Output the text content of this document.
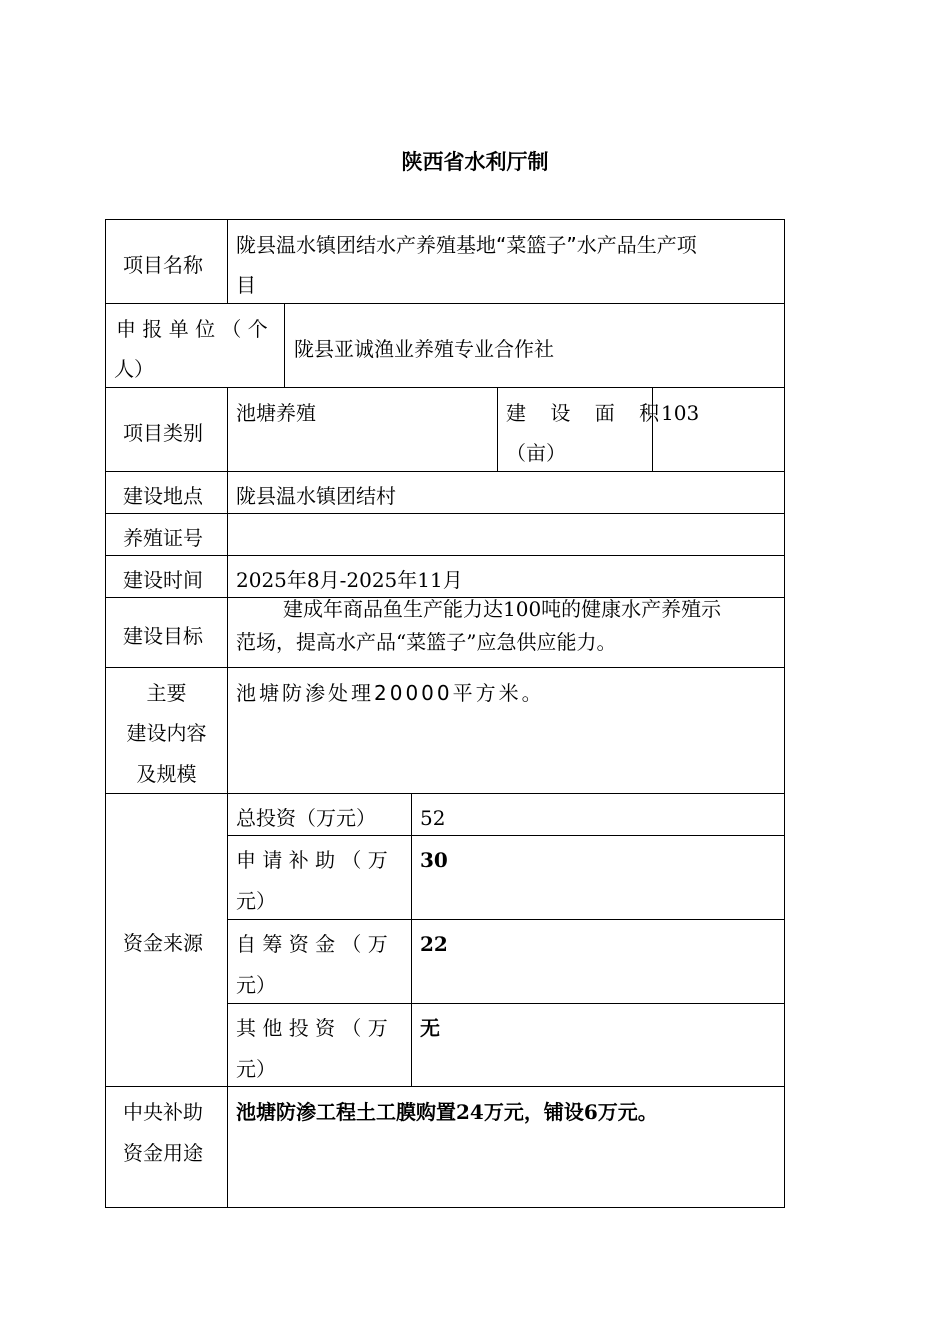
陕西省水利厅制
项目名称
陇县温水镇团结水产养殖基地“菜篮子”水产品生产项
目
申 报 单 位 （ 个
人）
陇县亚诚渔业养殖专业合作社
项目类别
池塘养殖	建 设 面 积
（亩）
103
建设地点 陇县温水镇团结村
养殖证号
建设时间 2025年8月-2025年11月
建设目标
建成年商品鱼生产能力达100吨的健康水产养殖示
范场，提高水产品“菜篮子”应急供应能力。
主要
建设内容
及规模
池塘防渗处理20000平方米。
资金来源
总投资（万元） 52
申 请 补 助 （ 万
元）
30
自 筹 资 金 （ 万
元）
22
其 他 投 资 （ 万
元）
无
中央补助
资金用途
池塘防渗工程土工膜购置24万元，铺设6万元。
